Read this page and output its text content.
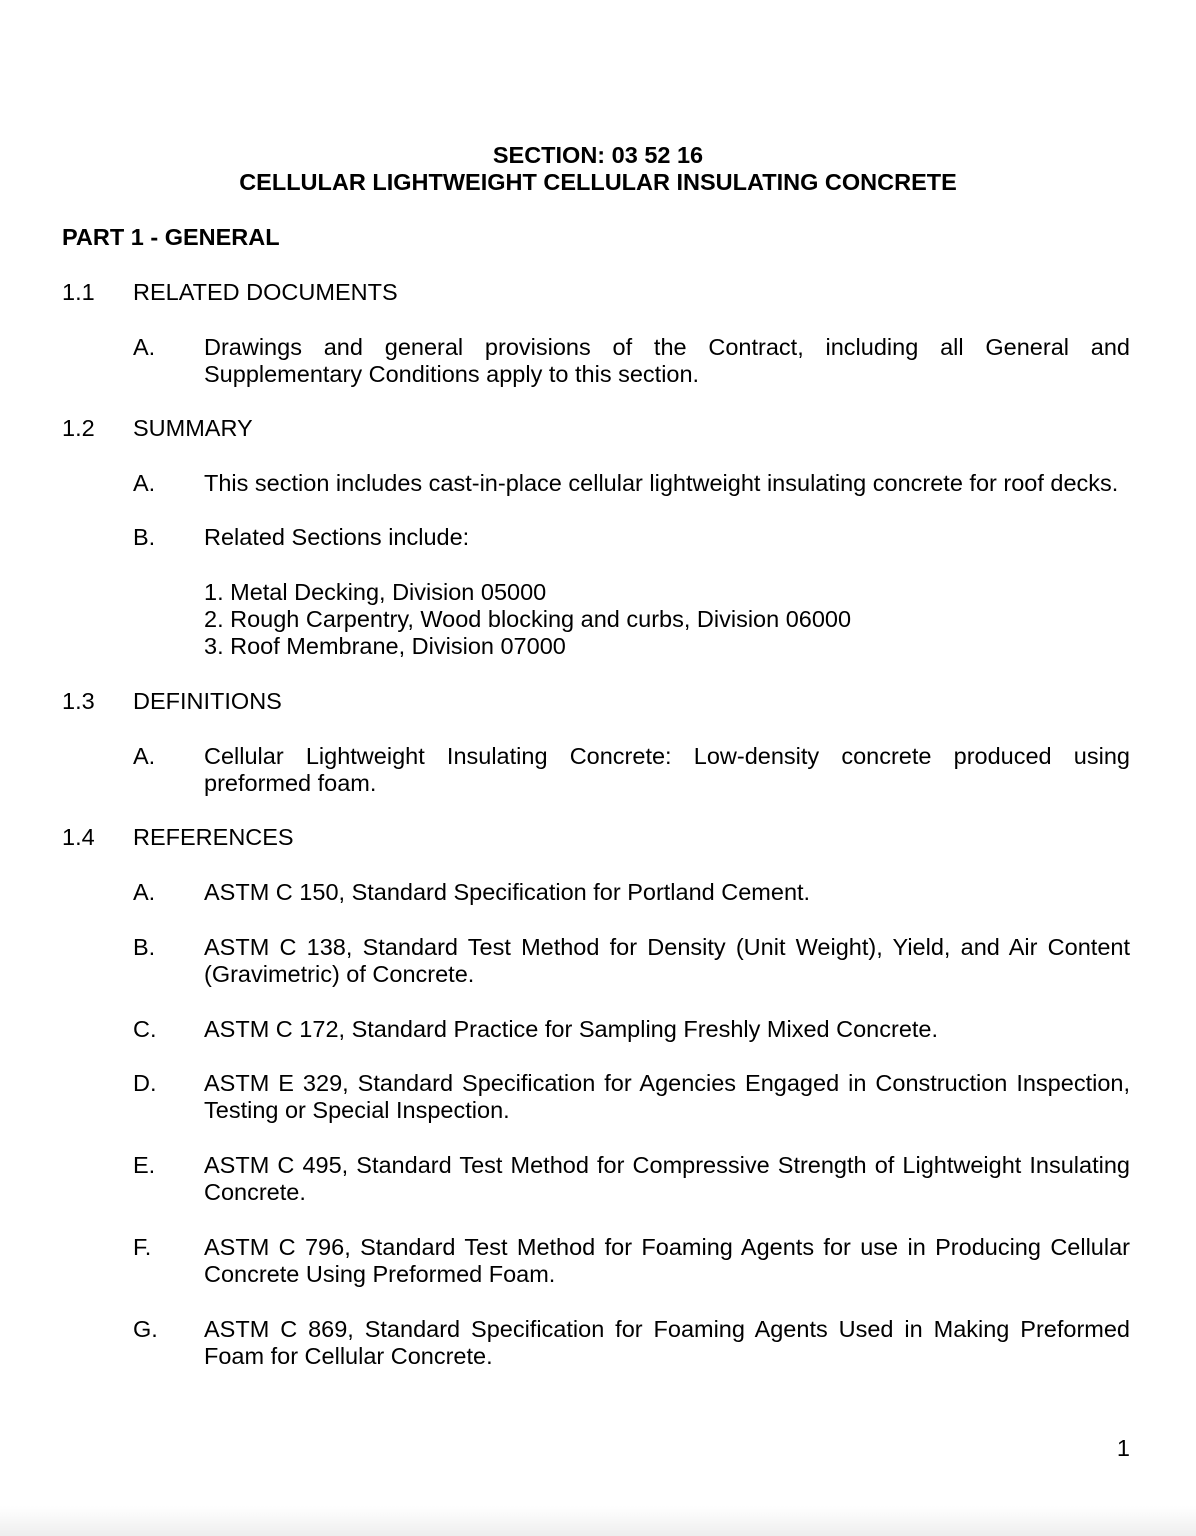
SECTION: 03 52 16
CELLULAR LIGHTWEIGHT CELLULAR INSULATING CONCRETE
PART 1 - GENERAL
1.1 RELATED DOCUMENTS
A. Drawings and general provisions of the Contract, including all General and Supplementary Conditions apply to this section.
1.2 SUMMARY
A. This section includes cast-in-place cellular lightweight insulating concrete for roof decks.
B. Related Sections include:
1. Metal Decking, Division 05000
2. Rough Carpentry, Wood blocking and curbs, Division 06000
3. Roof Membrane, Division 07000
1.3 DEFINITIONS
A. Cellular Lightweight Insulating Concrete: Low-density concrete produced using preformed foam.
1.4 REFERENCES
A. ASTM C 150, Standard Specification for Portland Cement.
B. ASTM C 138, Standard Test Method for Density (Unit Weight), Yield, and Air Content (Gravimetric) of Concrete.
C. ASTM C 172, Standard Practice for Sampling Freshly Mixed Concrete.
D. ASTM E 329, Standard Specification for Agencies Engaged in Construction Inspection, Testing or Special Inspection.
E. ASTM C 495, Standard Test Method for Compressive Strength of Lightweight Insulating Concrete.
F. ASTM C 796, Standard Test Method for Foaming Agents for use in Producing Cellular Concrete Using Preformed Foam.
G. ASTM C 869, Standard Specification for Foaming Agents Used in Making Preformed Foam for Cellular Concrete.
1
